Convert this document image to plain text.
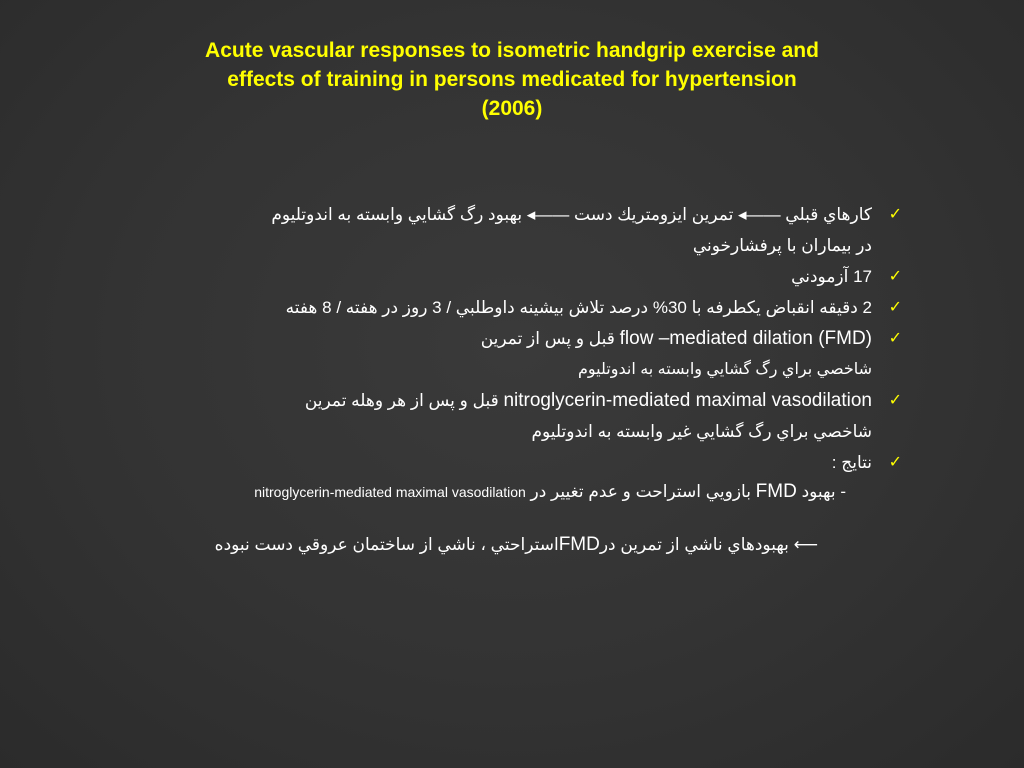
Acute vascular responses to isometric handgrip exercise and
effects of training in persons medicated for hypertension
(2006)
✓
كارهاي قبلي ——◂ تمرين ايزومتريك دست ——◂ بهبود رگ گشايي وابسته به اندوتليوم
در بيماران با پرفشارخوني
✓
17 آزمودني
✓
2 دقيقه انقباض يكطرفه با 30% درصد تلاش بيشينه داوطلبي / 3 روز در هفته / 8 هفته
✓
flow –mediated dilation (FMD) قبل و پس از تمرين
شاخصي براي رگ گشايي وابسته به اندوتليوم
✓
nitroglycerin-mediated maximal vasodilation قبل و پس از هر وهله تمرين
شاخصي براي رگ گشايي غير وابسته به اندوتليوم
✓
نتايج :
- بهبود FMD بازويي استراحت و عدم تغيير در nitroglycerin-mediated maximal vasodilation
⟵ بهبودهاي ناشي از تمرين درFMDاستراحتي ، ناشي از ساختمان عروقي دست نبوده
